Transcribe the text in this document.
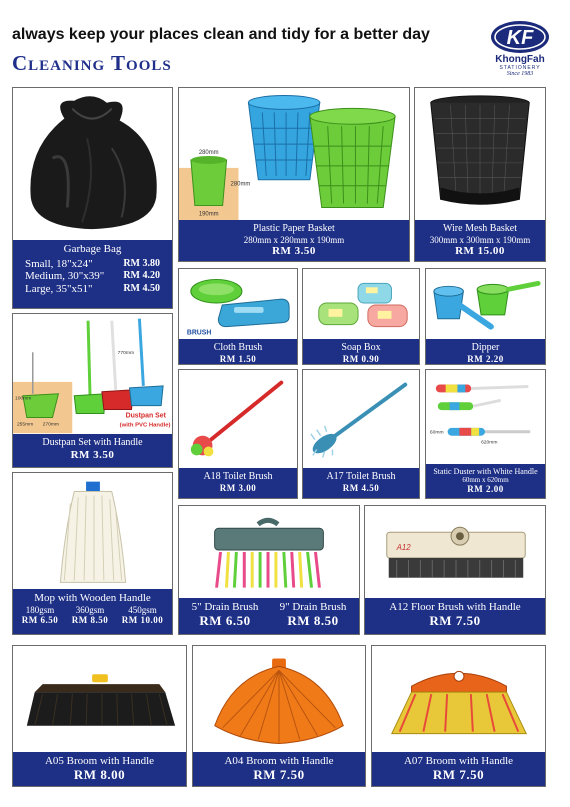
always keep your places clean and tidy for a better day
Cleaning Tools
KF
KhongFah
STATIONERY
Since 1983
Garbage Bag
Small, 18"x24"	RM 3.80
Medium, 30"x39" RM 4.20
Large, 35"x51"	RM 4.50
280mm
280mm
190mm
Plastic Paper Basket
280mm x 280mm x 190mm
RM 3.50
Wire Mesh Basket
300mm x 300mm x 190mm
RM 15.00
BRUSH
Cloth Brush
RM 1.50
Soap Box
RM 0.90
Dipper
RM 2.20
100mm
255mm 270mm
770mm
Dustpan Set
(with PVC Handle)
Dustpan Set with Handle
RM 3.50
A18 Toilet Brush
RM 3.00
A17 Toilet Brush
RM 4.50
60mm
620mm
Static Duster with White Handle
60mm x 620mm
RM 2.00
Mop with Wooden Handle
180gsm
RM 6.50
360gsm
RM 8.50
450gsm
RM 10.00
5" Drain Brush
RM 6.50
9" Drain Brush
RM 8.50
A12
A12 Floor Brush with Handle
RM 7.50
A05 Broom with Handle
RM 8.00
A04 Broom with Handle
RM 7.50
A07 Broom with Handle
RM 7.50
